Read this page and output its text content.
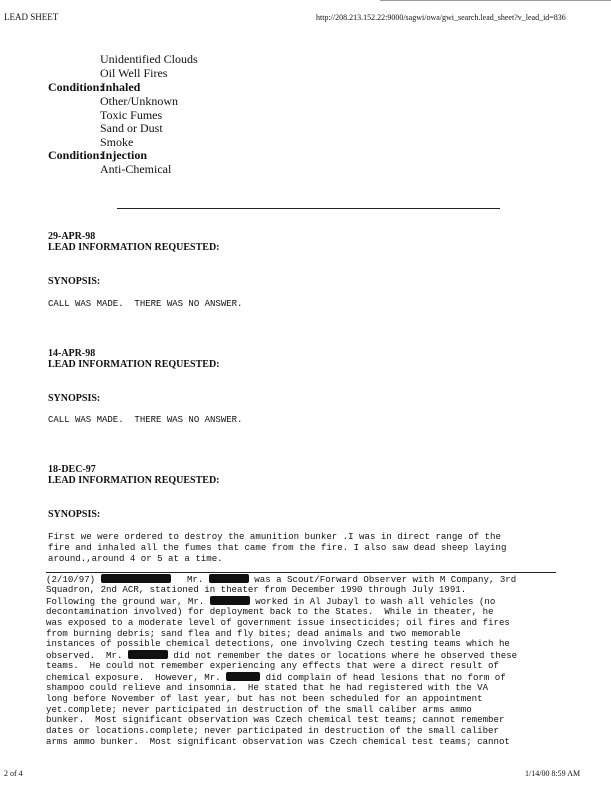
LEAD SHEET	http://208.213.152.22:9000/sagwi/owa/gwi_search.lead_sheet?v_lead_id=836
Unidentified Clouds
Oil Well Fires
Condition:
Inhaled
Other/Unknown
Toxic Fumes
Sand or Dust
Smoke
Condition:
Injection
Anti-Chemical
29-APR-98
LEAD INFORMATION REQUESTED:
SYNOPSIS:
CALL WAS MADE.  THERE WAS NO ANSWER.
14-APR-98
LEAD INFORMATION REQUESTED:
SYNOPSIS:
CALL WAS MADE.  THERE WAS NO ANSWER.
18-DEC-97
LEAD INFORMATION REQUESTED:
SYNOPSIS:
First we were ordered to destroy the amunition bunker .I was in direct range of the
fire and inhaled all the fumes that came from the fire. I also saw dead sheep laying
around.,around 4 or 5 at a time.
(2/10/97)	Mr.	was a Scout/Forward Observer with M Company, 3rd
Squadron, 2nd ACR, stationed in theater from December 1990 through July 1991.
Following the ground war, Mr.	worked in Al Jubayl to wash all vehicles (no
decontamination involved) for deployment back to the States.  While in theater, he
was exposed to a moderate level of government issue insecticides; oil fires and fires
from burning debris; sand flea and fly bites; dead animals and two memorable
instances of possible chemical detections, one involving Czech testing teams which he
observed.  Mr.	did not remember the dates or locations where he observed these
teams.  He could not remember experiencing any effects that were a direct result of
chemical exposure.  However, Mr.	did complain of head lesions that no form of
shampoo could relieve and insomnia.  He stated that he had registered with the VA
long before November of last year, but has not been scheduled for an appointment
yet.complete; never participated in destruction of the small caliber arms ammo
bunker.  Most significant observation was Czech chemical test teams; cannot remember
dates or locations.complete; never participated in destruction of the small caliber
arms ammo bunker.  Most significant observation was Czech chemical test teams; cannot
2 of 4	1/14/00 8:59 AM
